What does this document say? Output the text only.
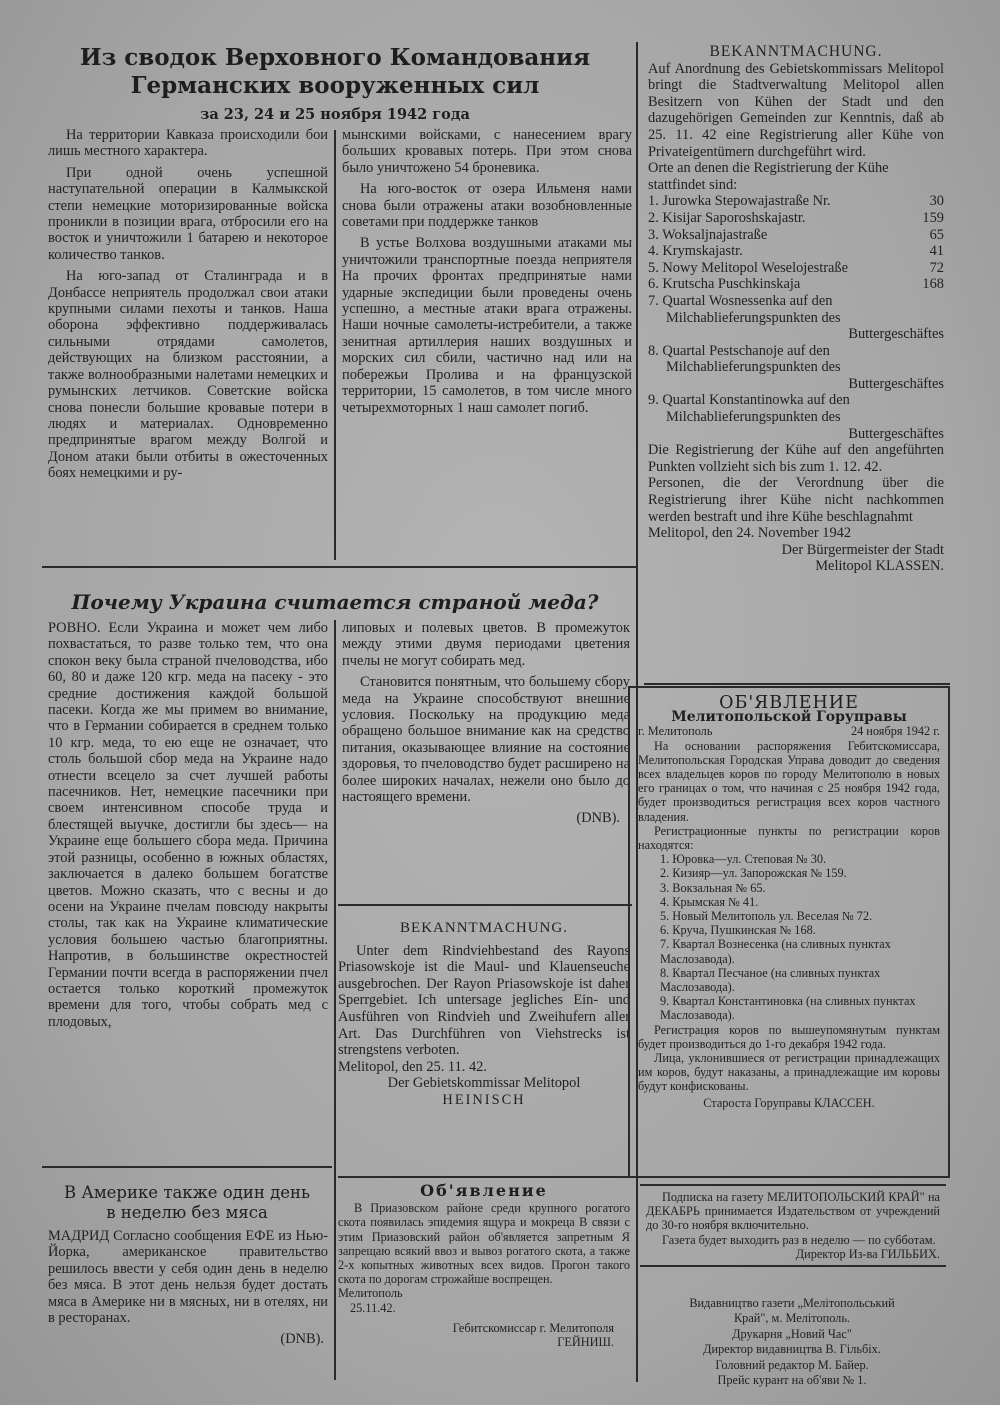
Из сводок Верховного Командования
Германских вооруженных сил
за 23, 24 и 25 ноября 1942 года

На территории Кавказа происходили бои лишь местного характера.

При одной очень успешной наступательной операции в Калмыкской степи немецкие моторизированные войска проникли в позиции врага, отбросили его на восток и уничтожили 1 батарею и некоторое количество танков.

На юго-запад от Сталинграда и в Донбассе неприятель продолжал свои атаки крупными силами пехоты и танков. Наша оборона эффективно поддерживалась сильными отрядами самолетов, действующих на близком расстоянии, а также волнообразными налетами немецких и румынских летчиков. Советские войска снова понесли большие кровавые потери в людях и материалах. Одновременно предпринятые врагом между Волгой и Доном атаки были отбиты в ожесточенных боях немецкими и ру-

мынскими войсками, с нанесением врагу больших кровавых потерь. При этом снова было уничтожено 54 броневика.

На юго-восток от озера Ильменя нами снова были отражены атаки возобновленные советами при поддержке танков

В устье Волхова воздушными атаками мы уничтожили транспортные поезда неприятеля На прочих фронтах предпринятые нами ударные экспедиции были проведены очень успешно, а местные атаки врага отражены. Наши ночные самолеты-истребители, а также зенитная артиллерия наших воздушных и морских сил сбили, частично над или на побережьи Пролива и на французской территории, 15 самолетов, в том числе много четырехмоторных 1 наш самолет погиб.

BEKANNTMACHUNG.
Auf Anordnung des Gebietskommissars Melitopol bringt die Stadtverwaltung Melitopol allen Besitzern von Kühen der Stadt und den dazugehörigen Gemeinden zur Kenntnis, daß ab 25. 11. 42 eine Registrierung aller Kühe von Privateigentümern durchgeführt wird.
Orte an denen die Registrierung der Kühe stattfindet sind:
1. Jurowka Stepowajastraße Nr.	30
2. Kisijar Saporoshskajastr.	159
3. Woksaljnajastraße	65
4. Krymskajastr.	41
5. Nowy Melitopol Weselojestraße	72
6. Krutscha Puschkinskaja	168
7. Quartal Wosnessenka auf den
Milchablieferungspunkten des
Buttergeschäftes
8. Quartal Pestschanoje auf den
Milchablieferungspunkten des
Buttergeschäftes
9. Quartal Konstantinowka auf den
Milchablieferungspunkten des
Buttergeschäftes
Die Registrierung der Kühe auf den angeführten Punkten vollzieht sich bis zum 1. 12. 42.
Personen, die der Verordnung über die Registrierung ihrer Kühe nicht nachkommen werden bestraft und ihre Kühe beschlagnahmt
Melitopol, den 24. November 1942
Der Bürgermeister der Stadt
Melitopol KLASSEN.
Почему Украина считается страной меда?

РОВНО. Если Украина и может чем либо похвастаться, то разве только тем, что она спокон веку была страной пчеловодства, ибо 60, 80 и даже 120 кгр. меда на пасеку - это средние достижения каждой большой пасеки. Когда же мы примем во внимание, что в Германии собирается в среднем только 10 кгр. меда, то ею еще не означает, что столь большой сбор меда на Украине надо отнести всецело за счет лучшей работы пасечников. Нет, немецкие пасечники при своем интенсивном способе труда и блестящей выучке, достигли бы здесь— на Украине еще большего сбора меда. Причина этой разницы, особенно в южных областях, заключается в далеко большем богатстве цветов. Можно сказать, что с весны и до осени на Украине пчелам повсюду накрыты столы, так как на Украине климатические условия большею частью благоприятны. Напротив, в большинстве окрестностей Германии почти всегда в распоряжении пчел остается только короткий промежуток времени для того, чтобы собрать мед с плодовых,

липовых и полевых цветов. В промежуток между этими двумя периодами цветения пчелы не могут собирать мед.

Становится понятным, что большему сбору меда на Украине способствуют внешние условия. Поскольку на продукцию меда обращено большое внимание как на средство питания, оказывающее влияние на состояние здоровья, то пчеловодство будет расширено на более широких началах, нежели оно было до настоящего времени.

(DNB).
В Америке также один день
в неделю без мяса

МАДРИД Согласно сообщения ЕФЕ из Нью-Йорка, американское правительство решилось ввести у себя один день в неделю без мяса. В этот день нельзя будет достать мяса в Америке ни в мясных, ни в отелях, ни в ресторанах.

(DNB).
BEKANNTMACHUNG.
Unter dem Rindviehbestand des Rayons Priasowskoje ist die Maul- und Klauenseuche ausgebrochen. Der Rayon Priasowskoje ist daher Sperrgebiet. Ich untersage jegliches Ein- und Ausführen von Rindvieh und Zweihufern aller Art. Das Durchführen von Viehstrecks ist strengstens verboten.
Melitopol, den 25. 11. 42.
Der Gebietskommissar Melitopol
HEINISCH
Об'явление
В Приазовском районе среди крупного рогатого скота появилась эпидемия ящура и мокреца В связи с этим Приазовский район об'является запретным Я запрещаю всякий ввоз и вывоз рогатого скота, а также 2-х копытных животных всех видов. Прогон такого скота по дорогам строжайше воспрещен.
Мелитополь
25.11.42.
Гебитскомиссар г. Мелитополя
ГЕЙНИШ.
ОБ'ЯВЛЕНИЕ
Мелитопольской Горуправы
г. Мелитополь	24 ноября 1942 г.
На основании распоряжения Гебитскомиссара, Мелитопольская Городская Управа доводит до сведения всех владельцев коров по городу Мелитополю в новых его границах о том, что начиная с 25 ноября 1942 года, будет производиться регистрация всех коров частного владения.
Регистрационные пункты по регистрации коров находятся:
1. Юровка—ул. Степовая № 30.
2. Кизияр—ул. Запорожская № 159.
3. Вокзальная № 65.
4. Крымская № 41.
5. Новый Мелитополь ул. Веселая № 72.
6. Круча, Пушкинская № 168.
7. Квартал Вознесенка (на сливных пунктах Маслозавода).
8. Квартал Песчаное (на сливных пунктах Маслозавода).
9. Квартал Константиновка (на сливных пунктах Маслозавода).
Регистрация коров по вышеупомянутым пунктам будет производиться до 1-го декабря 1942 года.
Лица, уклонившиеся от регистрации принадлежащих им коров, будут наказаны, а принадлежащие им коровы будут конфискованы.
Староста Горуправы КЛАССЕН.
Подписка на газету МЕЛИТОПОЛЬСКИЙ КРАЙ" на ДЕКАБРЬ принимается Издательством от учреждений до 30-го ноября включительно.
Газета будет выходить раз в неделю — по субботам.
Директор Из-ва ГИЛЬБИХ.
Видавництво газети „Мелітопольський
Край", м. Мелітополь.
Друкарня „Новий Час"
Директор видавництва В. Гільбіх.
Головний редактор М. Байер.
Прейс курант на об'яви № 1.
